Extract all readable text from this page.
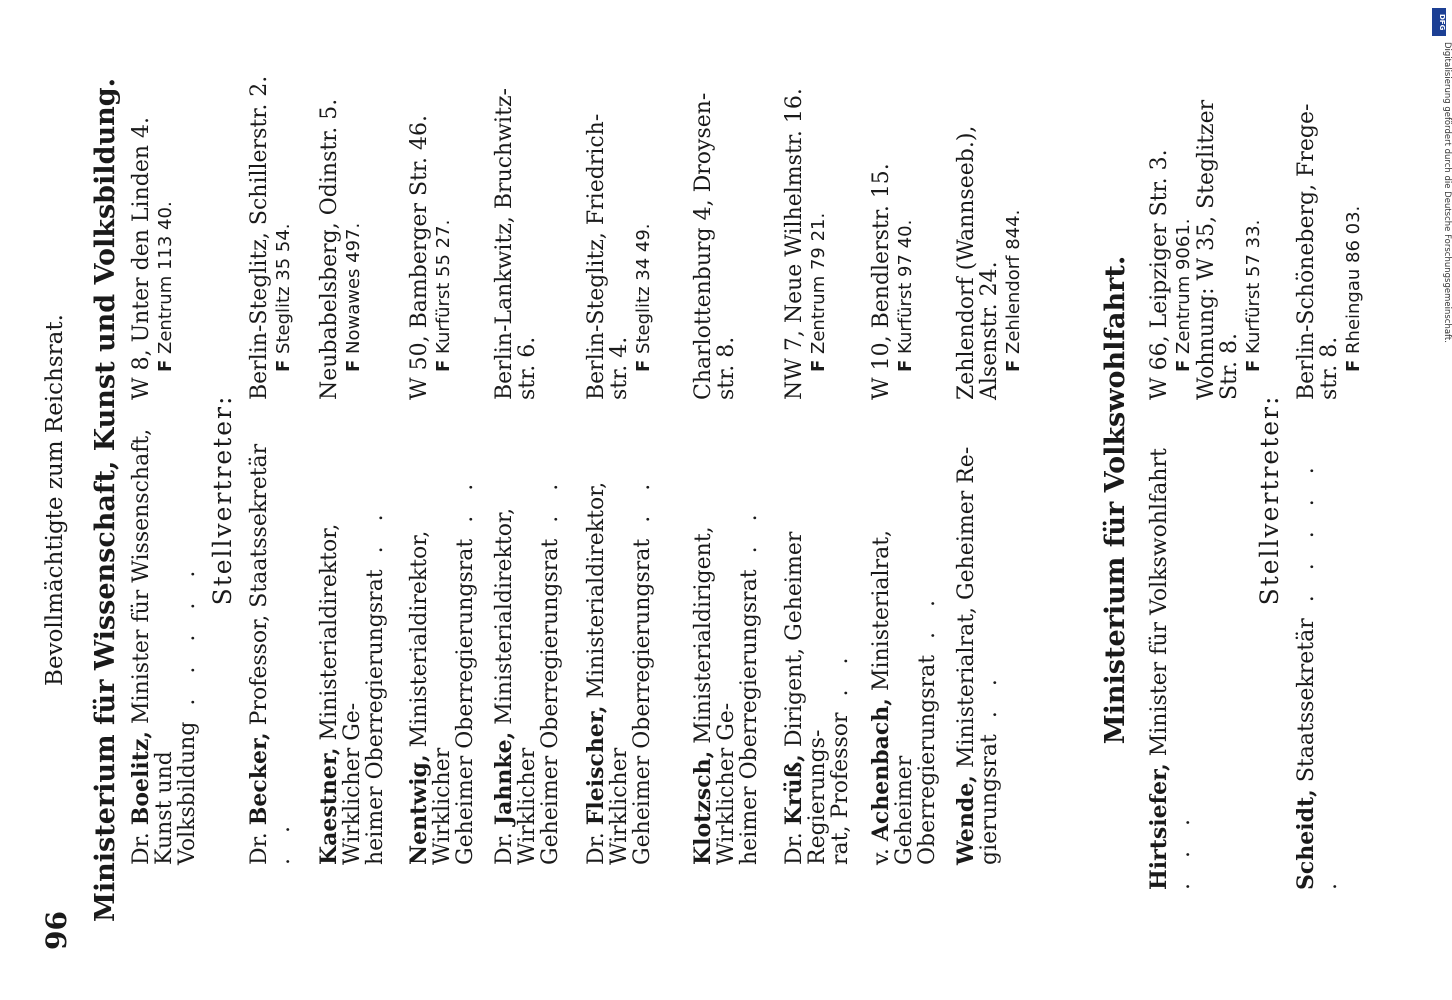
96
Bevollmächtigte zum Reichsrat. Ministerium für Wissenschaft, Kunst und Volksbildung. Dr. Boelitz, Minister für Wissenschaft, Kunst und
Volksbildung . . . . .
W 8, Unter den Linden 4.
F Zentrum 113 40.
Stellvertreter:
Dr. Becker, Professor, Staatssekretär . .
Berlin-Steglitz, Schillerstr. 2.
F Steglitz 35 54.
Kaestner, Ministerialdirektor, Wirklicher Ge-
heimer Oberregierungsrat . .
Neubabelsberg, Odinstr. 5.
F Nowawes 497.
Nentwig, Ministerialdirektor, Wirklicher
Geheimer Oberregierungsrat . .
W 50, Bamberger Str. 46.
F Kurfürst 55 27.
Dr. Jahnke, Ministerialdirektor, Wirklicher
Geheimer Oberregierungsrat . .
Berlin-Lankwitz, Bruchwitz-
str. 6.
Dr. Fleischer, Ministerialdirektor, Wirklicher
Geheimer Oberregierungsrat . .
Berlin-Steglitz, Friedrich-
str. 4.
F Steglitz 34 49.
Klotzsch, Ministerialdirigent, Wirklicher Ge-
heimer Oberregierungsrat . .
Charlottenburg 4, Droysen-
str. 8.
Dr. Krüß, Dirigent, Geheimer Regierungs-
rat, Professor . .
NW 7, Neue Wilhelmstr. 16.
F Zentrum 79 21.
v. Achenbach, Ministerialrat, Geheimer
Oberregierungsrat . .
W 10, Bendlerstr. 15.
F Kurfürst 97 40.
Wende, Ministerialrat, Geheimer Re-
gierungsrat . .
Zehlendorf (Wannseeb.),
Alsenstr. 24.
F Zehlendorf 844.	Ministerium für Volkswohlfahrt.
Hirtsiefer, Minister für Volkswohlfahrt . . .
W 66, Leipziger Str. 3.
F Zentrum 9061.
Wohnung: W 35, Steglitzer
Str. 8.
F Kurfürst 57 33.
Stellvertreter:
Scheidt, Staatssekretär . . . . . .
Berlin-Schöneberg, Frege-
str. 8.
F Rheingau 86 03.
DFG
Digitalisierung gefördert durch die Deutsche Forschungsgemeinschaft.
